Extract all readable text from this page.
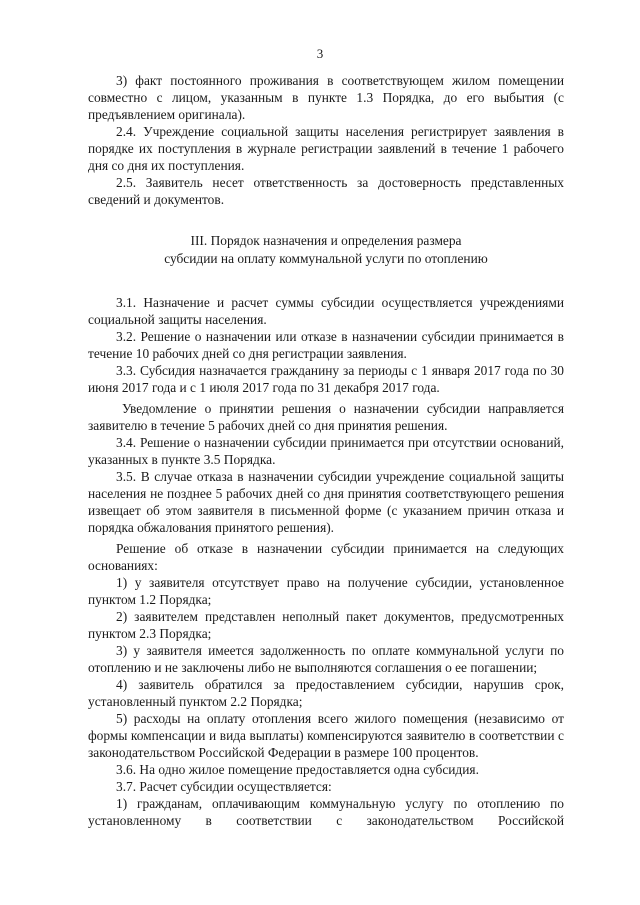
3

3) факт постоянного проживания в соответствующем жилом помещении совместно с лицом, указанным в пункте 1.3 Порядка, до его выбытия (с предъявлением оригинала).

2.4. Учреждение социальной защиты населения регистрирует заявления в порядке их поступления в журнале регистрации заявлений в течение 1 рабочего дня со дня их поступления.

2.5. Заявитель несет ответственность за достоверность представленных сведений и документов.

III. Порядок назначения и определения размера
субсидии на оплату коммунальной услуги по отоплению

3.1. Назначение и расчет суммы субсидии осуществляется учреждениями социальной защиты населения.

3.2. Решение о назначении или отказе в назначении субсидии принимается в течение 10 рабочих дней со дня регистрации заявления.

3.3. Субсидия назначается гражданину за периоды с 1 января 2017 года по 30 июня 2017 года и с 1 июля 2017 года по 31 декабря 2017 года.

Уведомление о принятии решения о назначении субсидии направляется заявителю в течение 5 рабочих дней со дня принятия решения.

3.4. Решение о назначении субсидии принимается при отсутствии оснований, указанных в пункте 3.5 Порядка.

3.5. В случае отказа в назначении субсидии учреждение социальной защиты населения не позднее 5 рабочих дней со дня принятия соответствующего решения извещает об этом заявителя в письменной форме (с указанием причин отказа и порядка обжалования принятого решения).

Решение об отказе в назначении субсидии принимается на следующих основаниях:

1) у заявителя отсутствует право на получение субсидии, установленное пунктом 1.2 Порядка;

2) заявителем представлен неполный пакет документов, предусмотренных пунктом 2.3 Порядка;

3) у заявителя имеется задолженность по оплате коммунальной услуги по отоплению и не заключены либо не выполняются соглашения о ее погашении;

4) заявитель обратился за предоставлением субсидии, нарушив срок, установленный пунктом 2.2 Порядка;

5) расходы на оплату отопления всего жилого помещения (независимо от формы компенсации и вида выплаты) компенсируются заявителю в соответствии с законодательством Российской Федерации в размере 100 процентов.

3.6. На одно жилое помещение предоставляется одна субсидия.

3.7. Расчет субсидии осуществляется:

1) гражданам, оплачивающим коммунальную услугу по отоплению по установленному в соответствии с законодательством Российской
